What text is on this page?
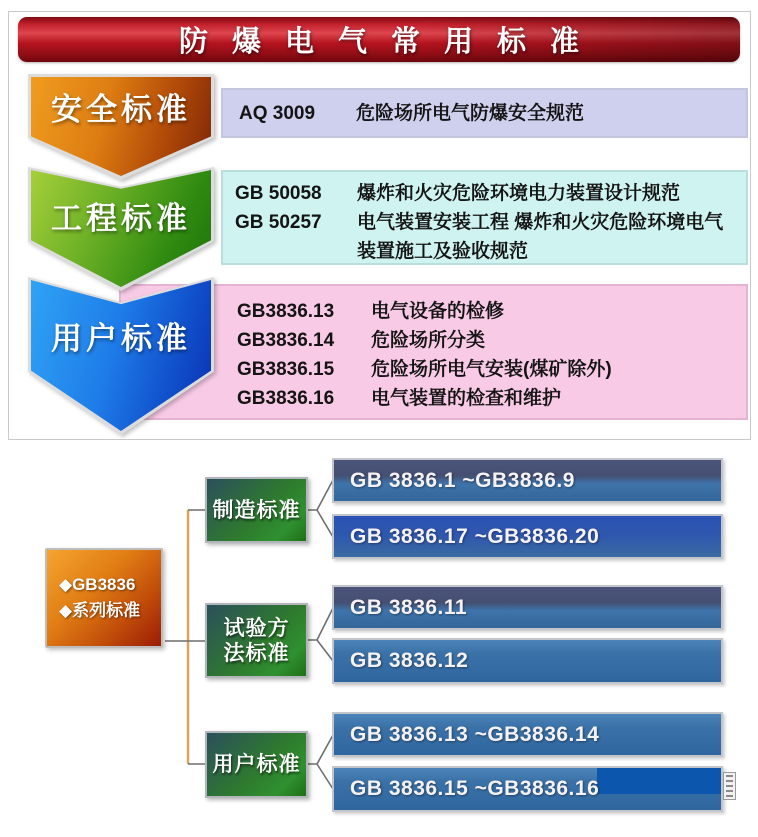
防爆电气常用标准
安全标准	AQ 3009	危险场所电气防爆安全规范
工程标准
GB 50058	爆炸和火灾危险环境电力装置设计规范
GB 50257	电气装置安装工程 爆炸和火灾危险环境电气装置施工及验收规范
用户标准
GB3836.13	电气设备的检修
GB3836.14	危险场所分类
GB3836.15	危险场所电气安装(煤矿除外)
GB3836.16	电气装置的检查和维护
◆GB3836
◆系列标准
制造标准
试验方
法标准
用户标准
GB 3836.1 ~GB3836.9
GB 3836.17 ~GB3836.20
GB 3836.11
GB 3836.12
GB 3836.13 ~GB3836.14
GB 3836.15 ~GB3836.16
